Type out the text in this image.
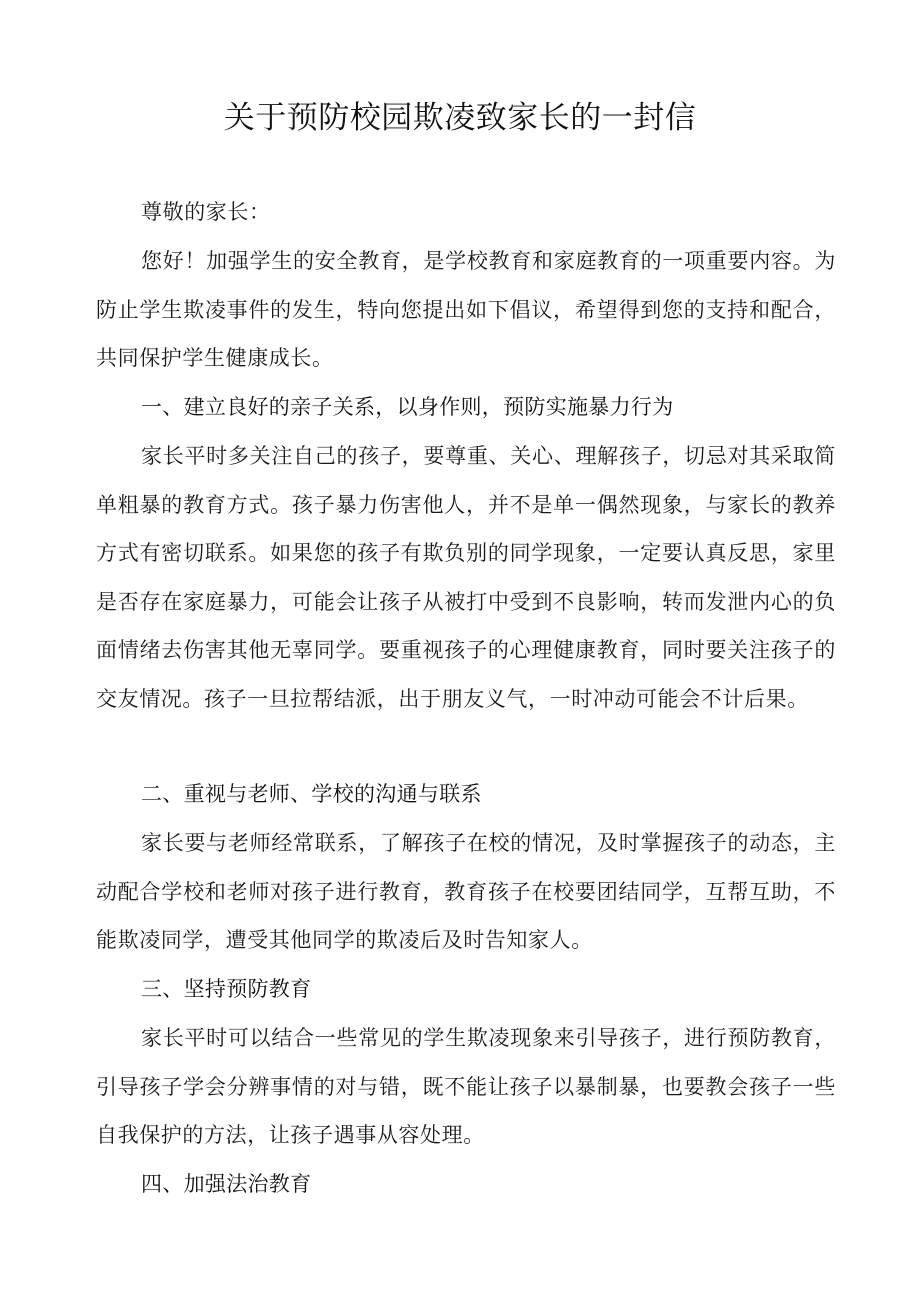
关于预防校园欺凌致家长的一封信

尊敬的家长：

您好！加强学生的安全教育，是学校教育和家庭教育的一项重要内容。为防止学生欺凌事件的发生，特向您提出如下倡议，希望得到您的支持和配合，共同保护学生健康成长。

一、建立良好的亲子关系，以身作则，预防实施暴力行为

家长平时多关注自己的孩子，要尊重、关心、理解孩子，切忌对其采取简单粗暴的教育方式。孩子暴力伤害他人，并不是单一偶然现象，与家长的教养方式有密切联系。如果您的孩子有欺负别的同学现象，一定要认真反思，家里是否存在家庭暴力，可能会让孩子从被打中受到不良影响，转而发泄内心的负面情绪去伤害其他无辜同学。要重视孩子的心理健康教育，同时要关注孩子的交友情况。孩子一旦拉帮结派，出于朋友义气，一时冲动可能会不计后果。

二、重视与老师、学校的沟通与联系

家长要与老师经常联系，了解孩子在校的情况，及时掌握孩子的动态，主动配合学校和老师对孩子进行教育，教育孩子在校要团结同学，互帮互助，不能欺凌同学，遭受其他同学的欺凌后及时告知家人。

三、坚持预防教育

家长平时可以结合一些常见的学生欺凌现象来引导孩子，进行预防教育，引导孩子学会分辨事情的对与错，既不能让孩子以暴制暴，也要教会孩子一些自我保护的方法，让孩子遇事从容处理。

四、加强法治教育
